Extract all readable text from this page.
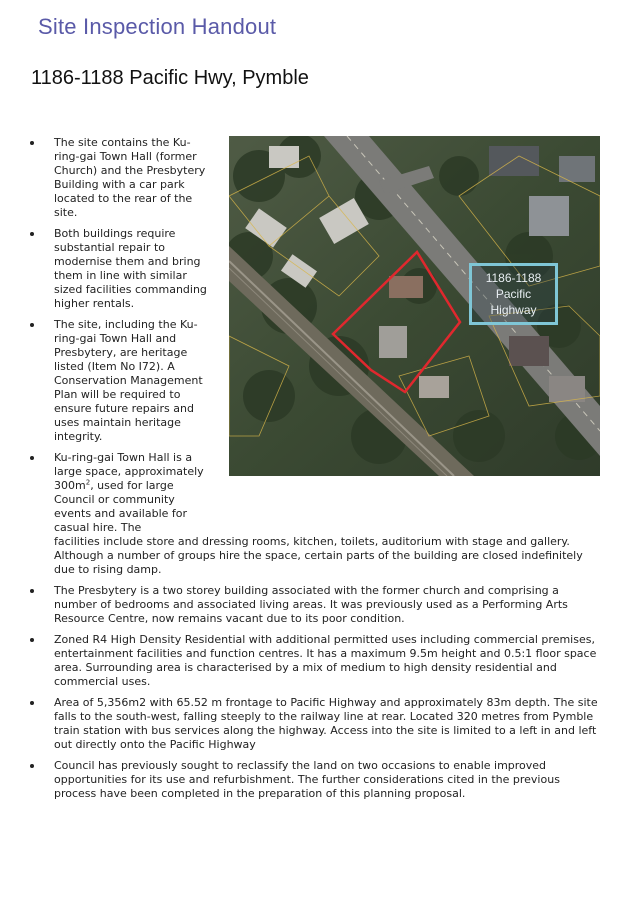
Site Inspection Handout
1186-1188 Pacific Hwy, Pymble
1186-1188
Pacific
Highway
The site contains the Ku-ring-gai Town Hall (former Church) and the Presbytery Building with a car park located to the rear of the site.
Both buildings require substantial repair to modernise them and bring them in line with similar sized facilities commanding higher rentals.
The site, including the Ku-ring-gai Town Hall and Presbytery, are heritage listed (Item No I72). A Conservation Management Plan will be required to ensure future repairs and uses maintain heritage integrity.
Ku-ring-gai Town Hall is a large space, approximately $300m^2$, used for large Council or community events and available for casual hire. The
facilities include store and dressing rooms, kitchen, toilets, auditorium with stage and gallery. Although a number of groups hire the space, certain parts of the building are closed indefinitely due to rising damp.
The Presbytery is a two storey building associated with the former church and comprising a number of bedrooms and associated living areas. It was previously used as a Performing Arts Resource Centre, now remains vacant due to its poor condition.
Zoned R4 High Density Residential with additional permitted uses including commercial premises, entertainment facilities and function centres. It has a maximum 9.5m height and 0.5:1 floor space area. Surrounding area is characterised by a mix of medium to high density residential and commercial uses.
Area of 5,356m2 with 65.52 m frontage to Pacific Highway and approximately 83m depth. The site falls to the south-west, falling steeply to the railway line at rear. Located 320 metres from Pymble train station with bus services along the highway. Access into the site is limited to a left in and left out directly onto the Pacific Highway
Council has previously sought to reclassify the land on two occasions to enable improved opportunities for its use and refurbishment. The further considerations cited in the previous process have been completed in the preparation of this planning proposal.
